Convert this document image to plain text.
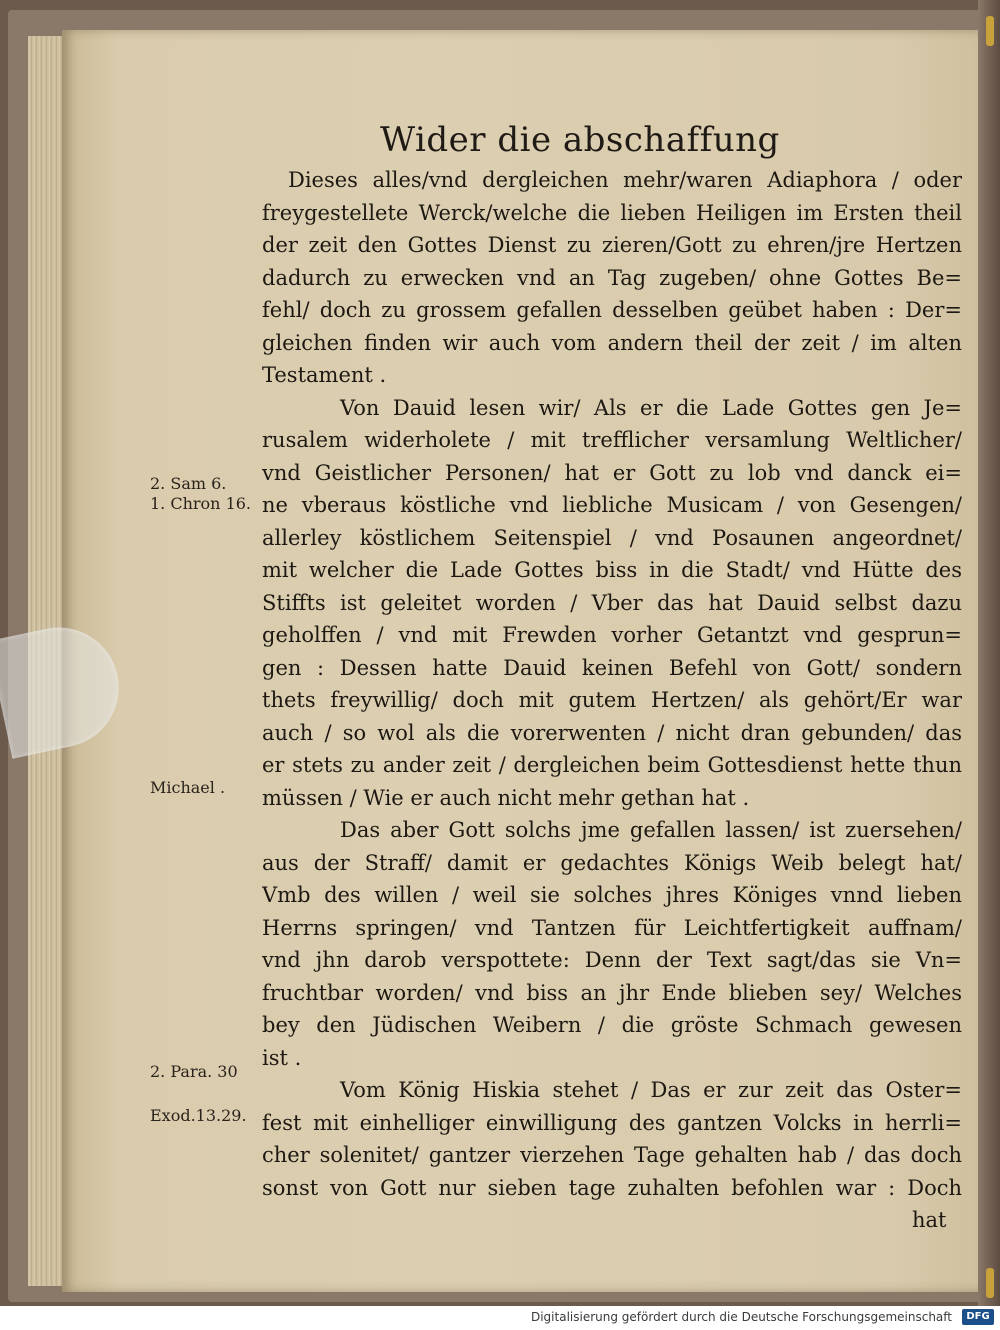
Wider die abschaffung
Dieses alles/vnd dergleichen mehr/waren Adiaphora / oder
freygestellete Werck/welche die lieben Heiligen im Ersten theil
der zeit den Gottes Dienst zu zieren/Gott zu ehren/jre Hertzen
dadurch zu erwecken vnd an Tag zugeben/ ohne Gottes Be=
fehl/ doch zu grossem gefallen desselben geübet haben : Der=
gleichen finden wir auch vom andern theil der zeit / im alten
Testament .
Von Dauid lesen wir/ Als er die Lade Gottes gen Je=
rusalem widerholete / mit trefflicher versamlung Weltlicher/
vnd Geistlicher Personen/ hat er Gott zu lob vnd danck ei=
ne vberaus köstliche vnd liebliche Musicam / von Gesengen/
allerley köstlichem Seitenspiel / vnd Posaunen angeordnet/
mit welcher die Lade Gottes biss in die Stadt/ vnd Hütte des
Stiffts ist geleitet worden / Vber das hat Dauid selbst dazu
geholffen / vnd mit Frewden vorher Getantzt vnd gesprun=
gen : Dessen hatte Dauid keinen Befehl von Gott/ sondern
thets freywillig/ doch mit gutem Hertzen/ als gehört/Er war
auch / so wol als die vorerwenten / nicht dran gebunden/ das
er stets zu ander zeit / dergleichen beim Gottesdienst hette thun
müssen / Wie er auch nicht mehr gethan hat .
Das aber Gott solchs jme gefallen lassen/ ist zuersehen/
aus der Straff/ damit er gedachtes Königs Weib belegt hat/
Vmb des willen / weil sie solches jhres Königes vnnd lieben
Herrns springen/ vnd Tantzen für Leichtfertigkeit auffnam/
vnd jhn darob verspottete: Denn der Text sagt/das sie Vn=
fruchtbar worden/ vnd biss an jhr Ende blieben sey/ Welches
bey den Jüdischen Weibern / die gröste Schmach gewesen
ist .
Vom König Hiskia stehet / Das er zur zeit das Oster=
fest mit einhelliger einwilligung des gantzen Volcks in herrli=
cher solenitet/ gantzer vierzehen Tage gehalten hab / das doch
sonst von Gott nur sieben tage zuhalten befohlen war : Doch
hat
2. Sam 6.
1. Chron 16.
Michael .
2. Para. 30
Exod.13.29.
Digitalisierung gefördert durch die Deutsche Forschungsgemeinschaft	DFG
